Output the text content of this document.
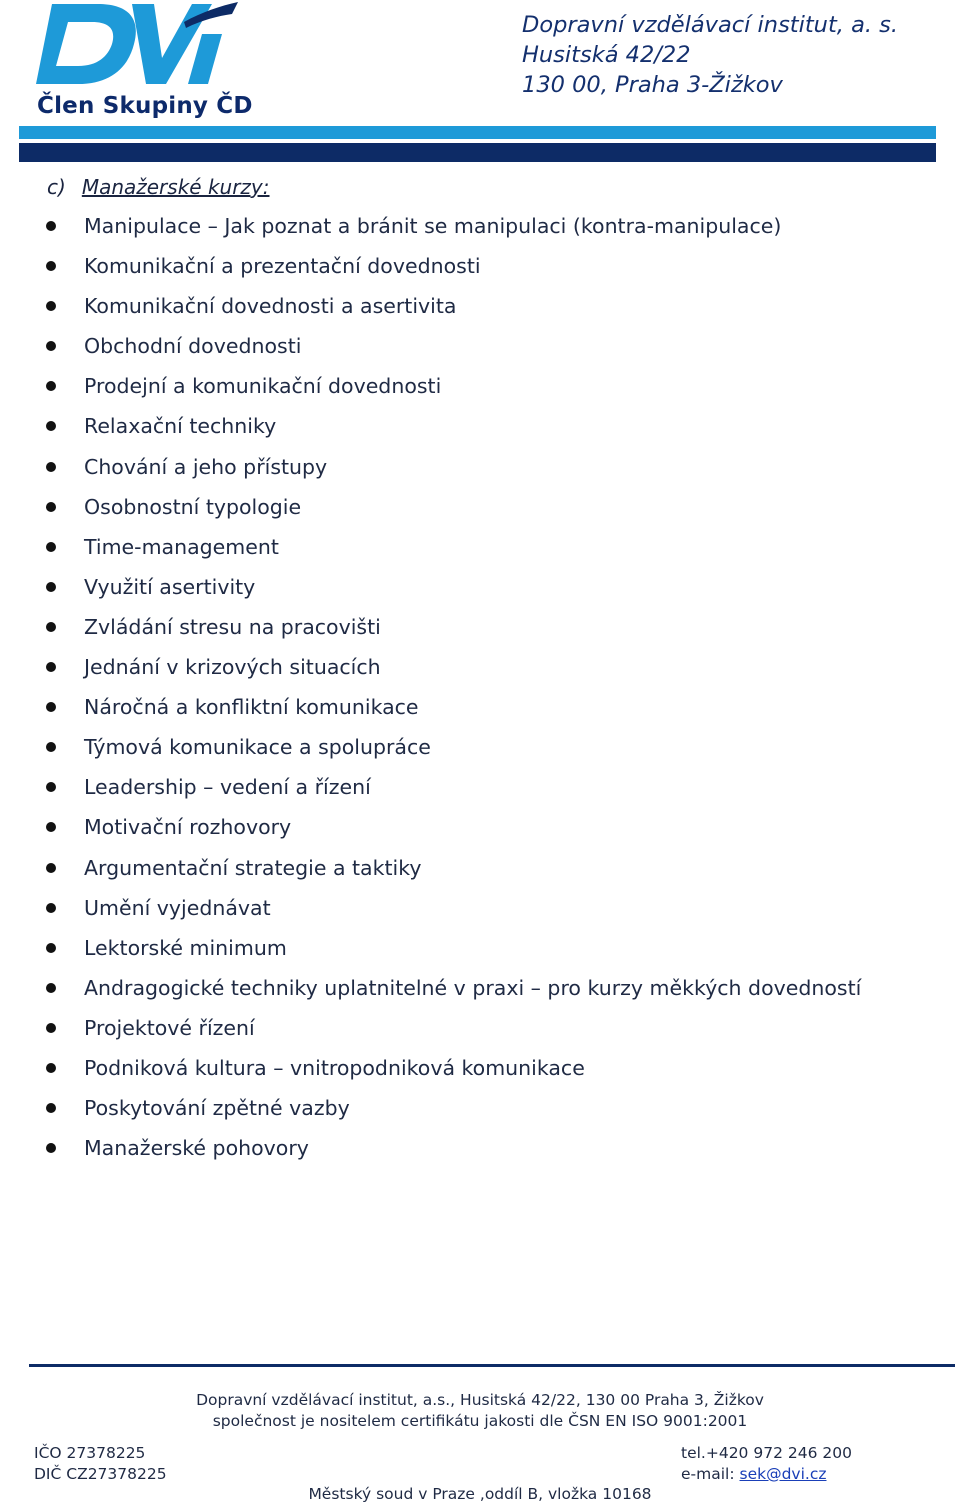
Člen Skupiny ČD
Dopravní vzdělávací institut, a. s.
Husitská 42/22
130 00, Praha 3-Žižkov
c) Manažerské kurzy:
Manipulace – Jak poznat a bránit se manipulaci (kontra-manipulace)
Komunikační a prezentační dovednosti
Komunikační dovednosti a asertivita
Obchodní dovednosti
Prodejní a komunikační dovednosti
Relaxační techniky
Chování a jeho přístupy
Osobnostní typologie
Time-management
Využití asertivity
Zvládání stresu na pracovišti
Jednání v krizových situacích
Náročná a konfliktní komunikace
Týmová komunikace a spolupráce
Leadership – vedení a řízení
Motivační rozhovory
Argumentační strategie a taktiky
Umění vyjednávat
Lektorské minimum
Andragogické techniky uplatnitelné v praxi – pro kurzy měkkých dovedností
Projektové řízení
Podniková kultura – vnitropodniková komunikace
Poskytování zpětné vazby
Manažerské pohovory
Dopravní vzdělávací institut, a.s., Husitská 42/22, 130 00 Praha 3, Žižkov
společnost je nositelem certifikátu jakosti dle ČSN EN ISO 9001:2001
IČO 27378225
DIČ CZ27378225
tel.+420 972 246 200
e-mail: sek@dvi.cz
Městský soud v Praze ,oddíl B, vložka 10168
